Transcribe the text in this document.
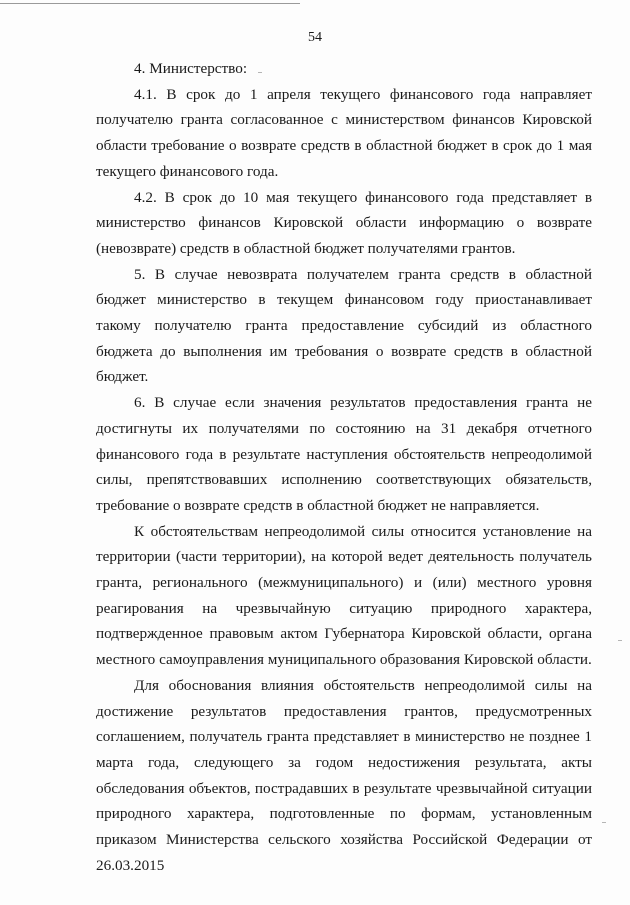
54

4. Министерство:

4.1. В срок до 1 апреля текущего финансового года направляет получателю гранта согласованное с министерством финансов Кировской области требование о возврате средств в областной бюджет в срок до 1 мая текущего финансового года.

4.2. В срок до 10 мая текущего финансового года представляет в министерство финансов Кировской области информацию о возврате (невозврате) средств в областной бюджет получателями грантов.

5. В случае невозврата получателем гранта средств в областной бюджет министерство в текущем финансовом году приостанавливает такому получателю гранта предоставление субсидий из областного бюджета до выполнения им требования о возврате средств в областной бюджет.

6. В случае если значения результатов предоставления гранта не достигнуты их получателями по состоянию на 31 декабря отчетного финансового года в результате наступления обстоятельств непреодолимой силы, препятствовавших исполнению соответствующих обязательств, требование о возврате средств в областной бюджет не направляется.

К обстоятельствам непреодолимой силы относится установление на территории (части территории), на которой ведет деятельность получатель гранта, регионального (межмуниципального) и (или) местного уровня реагирования на чрезвычайную ситуацию природного характера, подтвержденное правовым актом Губернатора Кировской области, органа местного самоуправления муниципального образования Кировской области.

Для обоснования влияния обстоятельств непреодолимой силы на достижение результатов предоставления грантов, предусмотренных соглашением, получатель гранта представляет в министерство не позднее 1 марта года, следующего за годом недостижения результата, акты обследования объектов, пострадавших в результате чрезвычайной ситуации природного характера, подготовленные по формам, установленным приказом Министерства сельского хозяйства Российской Федерации от 26.03.2015
